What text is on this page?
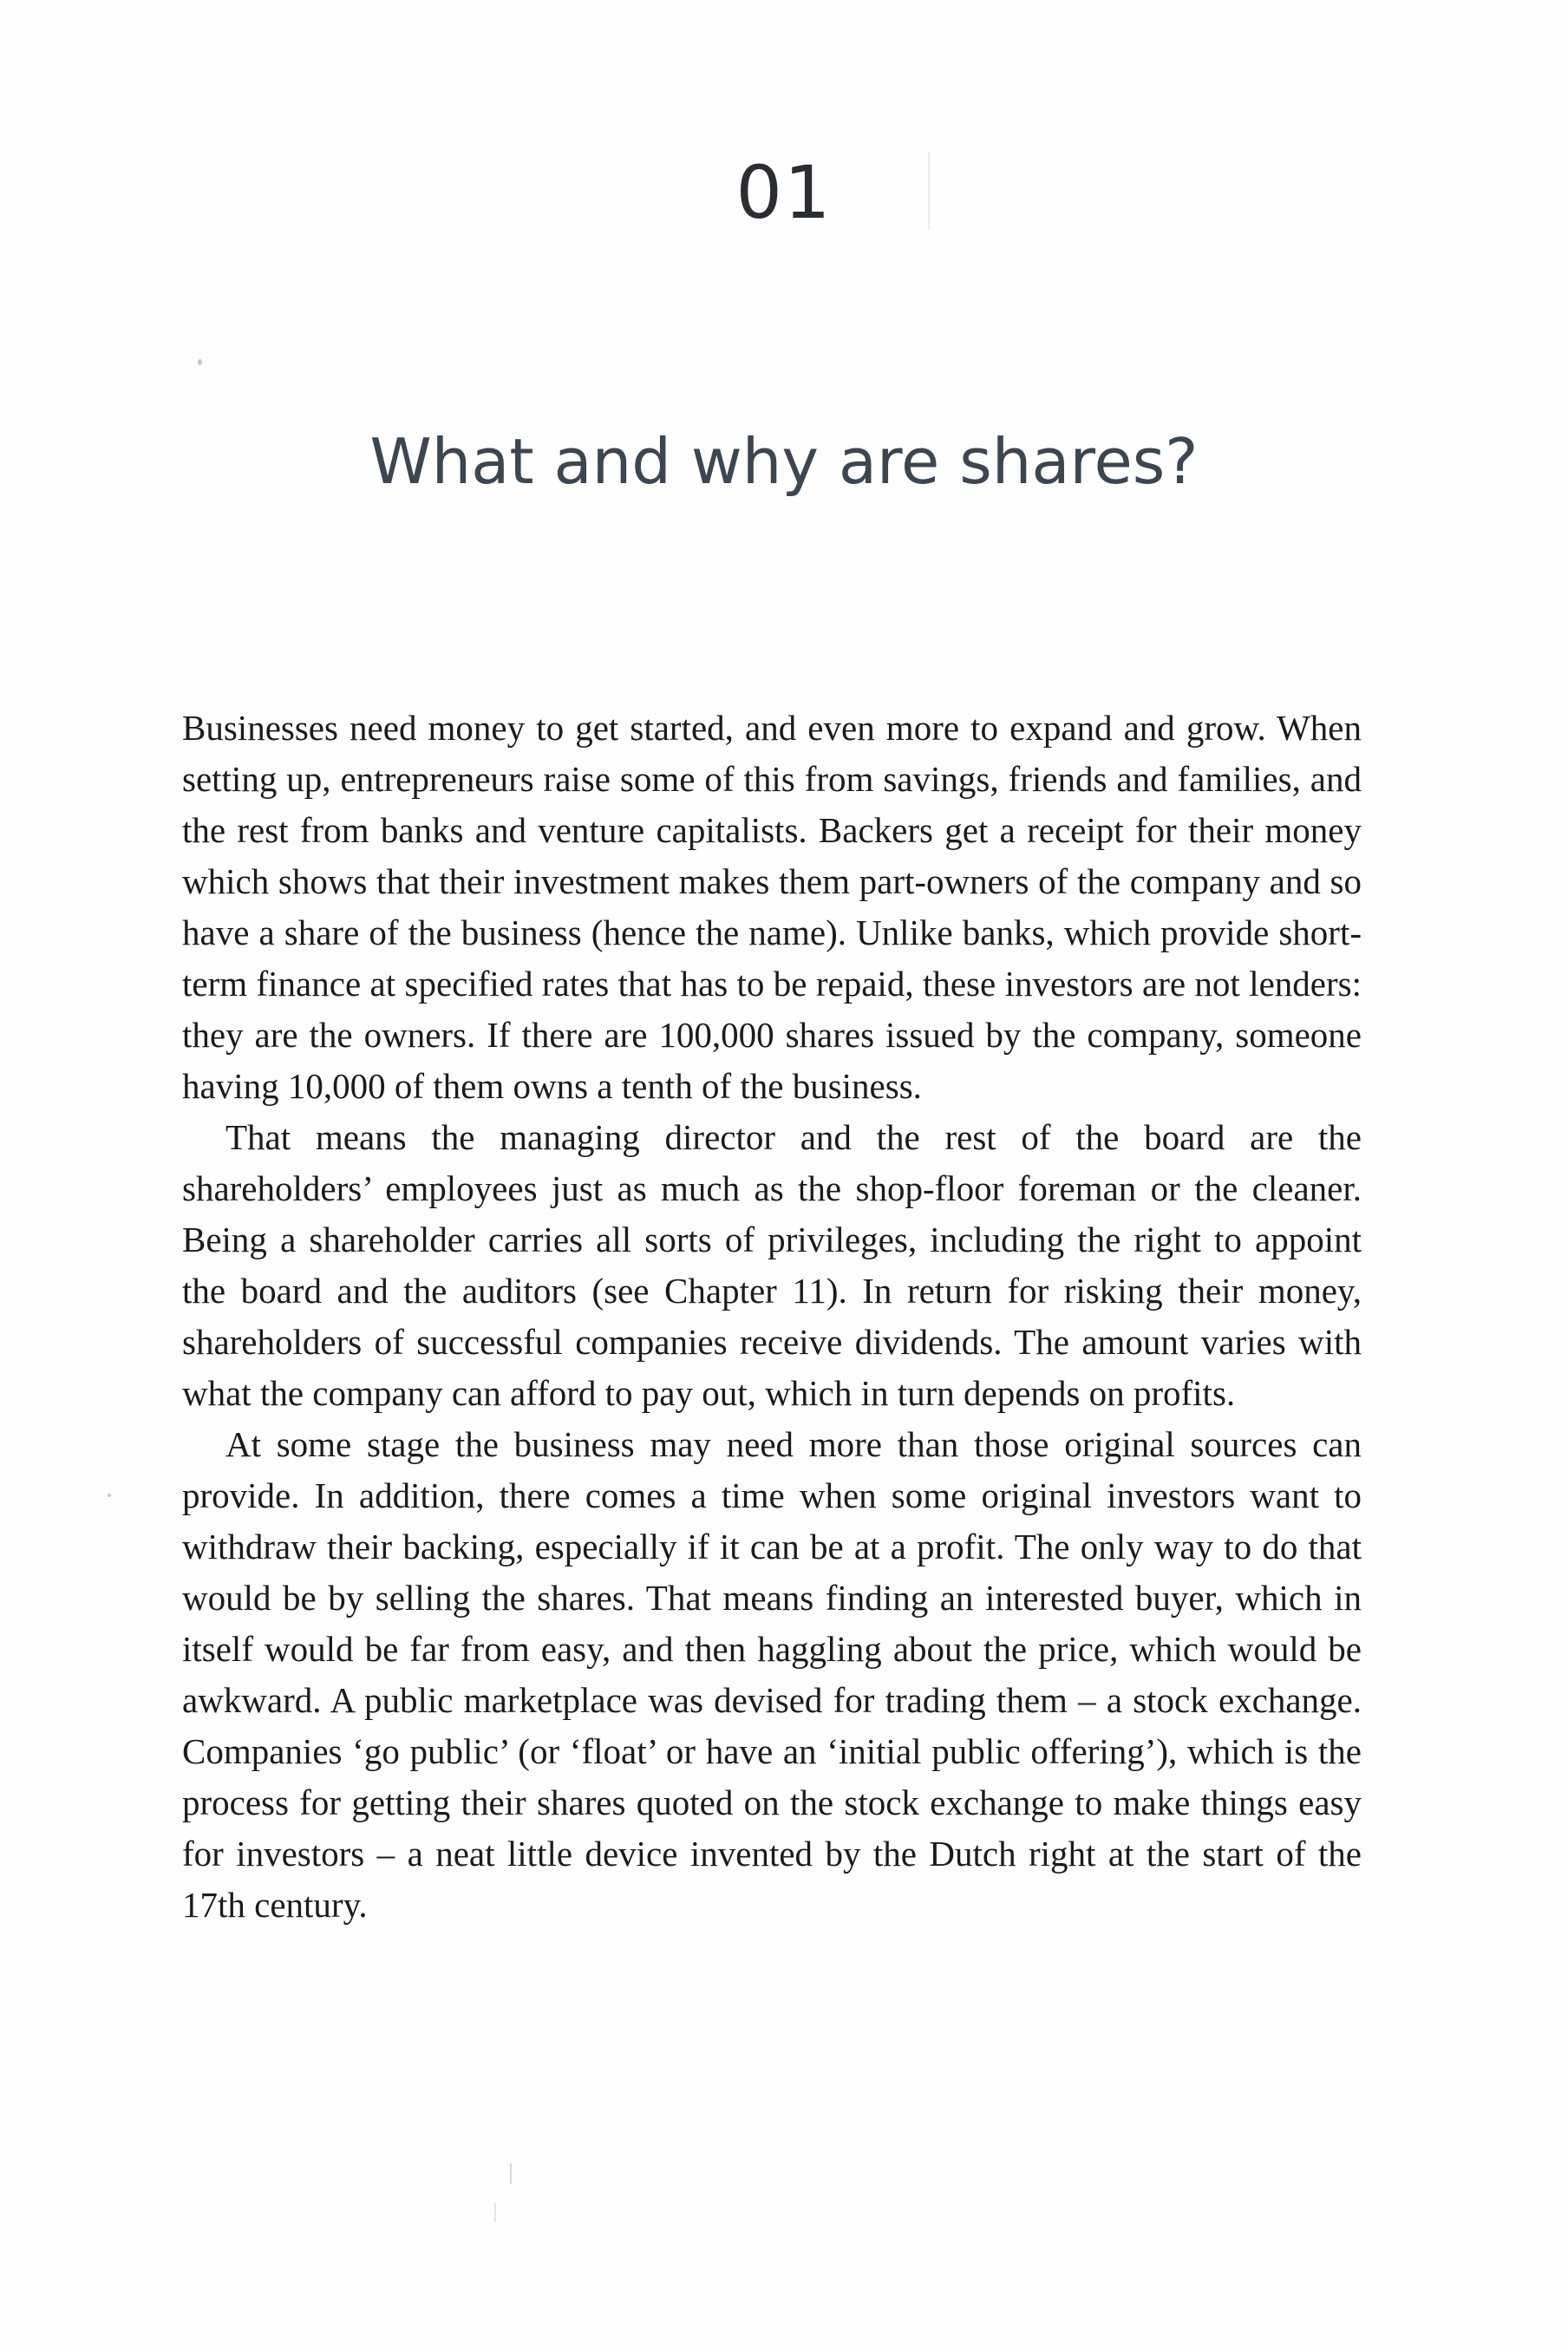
01
What and why are shares?

Businesses need money to get started, and even more to expand and grow. When setting up, entrepreneurs raise some of this from savings, friends and families, and the rest from banks and venture capitalists. Backers get a receipt for their money which shows that their investment makes them part-owners of the company and so have a share of the business (hence the name). Unlike banks, which provide short-term finance at specified rates that has to be repaid, these investors are not lenders: they are the owners. If there are 100,000 shares issued by the company, someone having 10,000 of them owns a tenth of the business.

That means the managing director and the rest of the board are the shareholders’ employees just as much as the shop-floor foreman or the cleaner. Being a shareholder carries all sorts of privileges, including the right to appoint the board and the auditors (see Chapter 11). In return for risking their money, shareholders of successful companies receive dividends. The amount varies with what the company can afford to pay out, which in turn depends on profits.

At some stage the business may need more than those original sources can provide. In addition, there comes a time when some original investors want to withdraw their backing, especially if it can be at a profit. The only way to do that would be by selling the shares. That means finding an interested buyer, which in itself would be far from easy, and then haggling about the price, which would be awkward. A public marketplace was devised for trading them – a stock exchange. Companies ‘go public’ (or ‘float’ or have an ‘initial public offering’), which is the process for getting their shares quoted on the stock exchange to make things easy for investors – a neat little device invented by the Dutch right at the start of the 17th century.
